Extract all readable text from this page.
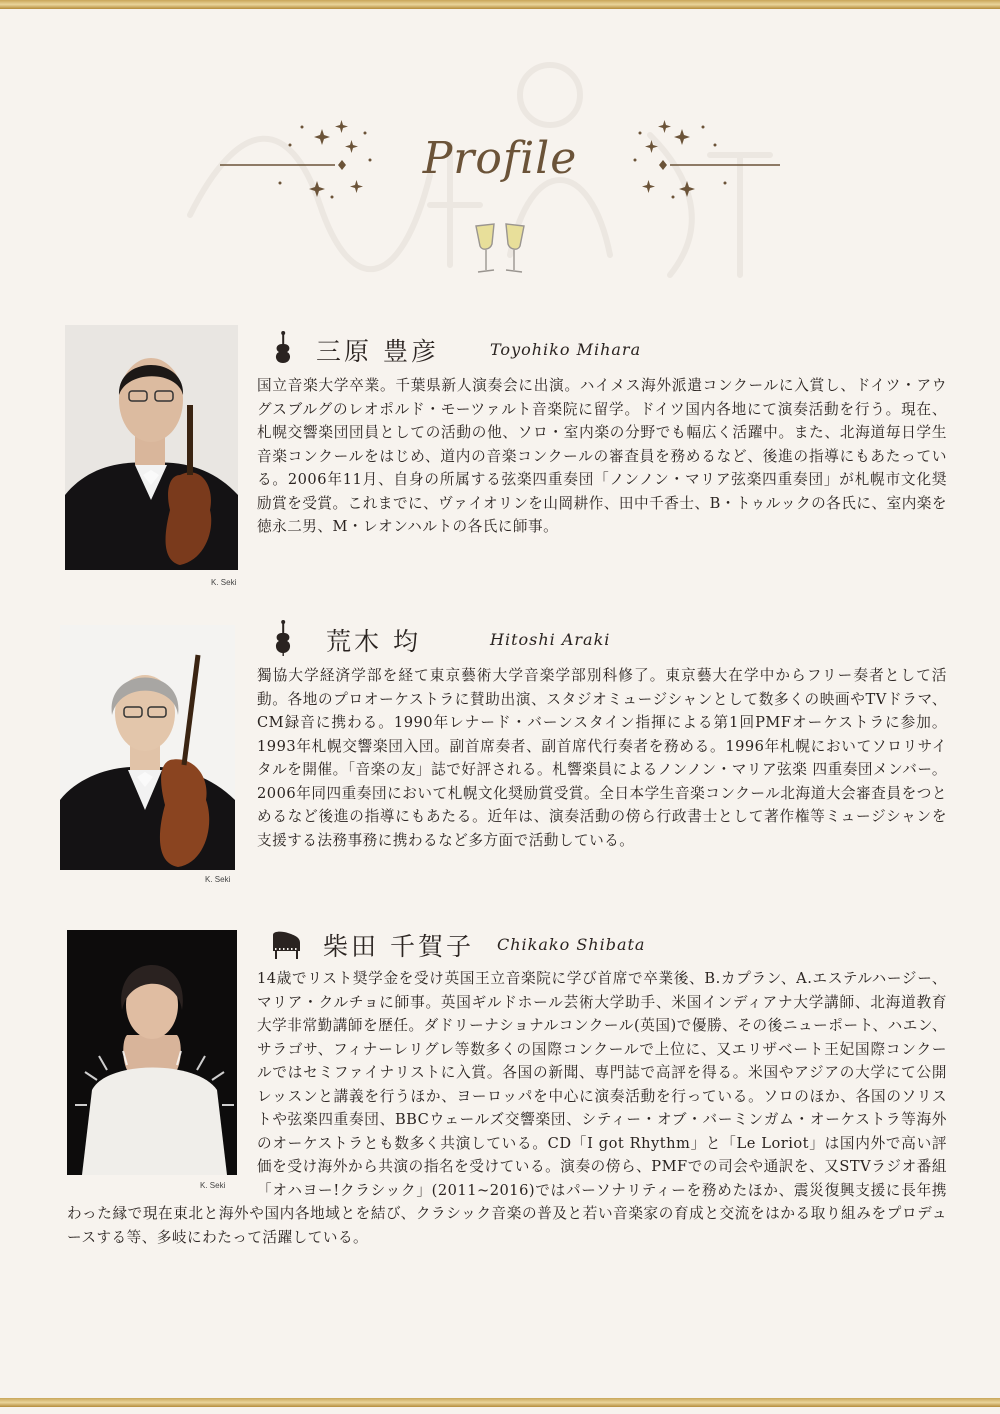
Profile
K. Seki
三原 豊彦	Toyohiko Mihara

国立音楽大学卒業。千葉県新人演奏会に出演。ハイメス海外派遣コンクールに入賞し、ドイツ・アウグスブルグのレオポルド・モーツァルト音楽院に留学。ドイツ国内各地にて演奏活動を行う。現在、札幌交響楽団団員としての活動の他、ソロ・室内楽の分野でも幅広く活躍中。また、北海道毎日学生音楽コンクールをはじめ、道内の音楽コンクールの審査員を務めるなど、後進の指導にもあたっている。2006年11月、自身の所属する弦楽四重奏団「ノンノン・マリア弦楽四重奏団」が札幌市文化奨励賞を受賞。これまでに、ヴァイオリンを山岡耕作、田中千香士、B・トゥルックの各氏に、室内楽を徳永二男、M・レオンハルトの各氏に師事。

K. Seki
荒木 均	Hitoshi Araki

獨協大学経済学部を経て東京藝術大学音楽学部別科修了。東京藝大在学中からフリー奏者として活動。各地のプロオーケストラに賛助出演、スタジオミュージシャンとして数多くの映画やTVドラマ、CM録音に携わる。1990年レナード・バーンスタイン指揮による第1回PMFオーケストラに参加。1993年札幌交響楽団入団。副首席奏者、副首席代行奏者を務める。1996年札幌においてソロリサイタルを開催。「音楽の友」誌で好評される。札響楽員によるノンノン・マリア弦楽 四重奏団メンバー。2006年同四重奏団において札幌文化奨励賞受賞。全日本学生音楽コンクール北海道大会審査員をつとめるなど後進の指導にもあたる。近年は、演奏活動の傍ら行政書士として著作権等ミュージシャンを支援する法務事務に携わるなど多方面で活動している。

K. Seki
柴田 千賀子 Chikako Shibata

14歳でリスト奨学金を受け英国王立音楽院に学び首席で卒業後、B.カプラン、A.エステルハージー、マリア・クルチョに師事。英国ギルドホール芸術大学助手、米国インディアナ大学講師、北海道教育大学非常勤講師を歴任。ダドリーナショナルコンクール(英国)で優勝、その後ニューポート、ハエン、サラゴサ、フィナーレリグレ等数多くの国際コンクールで上位に、又エリザベート王妃国際コンクールではセミファイナリストに入賞。各国の新聞、専門誌で高評を得る。米国やアジアの大学にて公開レッスンと講義を行うほか、ヨーロッパを中心に演奏活動を行っている。ソロのほか、各国のソリストや弦楽四重奏団、BBCウェールズ交響楽団、シティー・オブ・バーミンガム・オーケストラ等海外のオーケストラとも数多く共演している。CD「I got Rhythm」と「Le Loriot」は国内外で高い評価を受け海外から共演の指名を受けている。演奏の傍ら、PMFでの司会や通訳を、又STVラジオ番組「オハヨー!クラシック」(2011~2016)ではパーソナリティーを務めたほか、震災復興支援に長年携わった縁で現在東北と海外や国内各地域とを結び、クラシック音楽の普及と若い音楽家の育成と交流をはかる取り組みをプロデュースする等、多岐にわたって活躍している。
